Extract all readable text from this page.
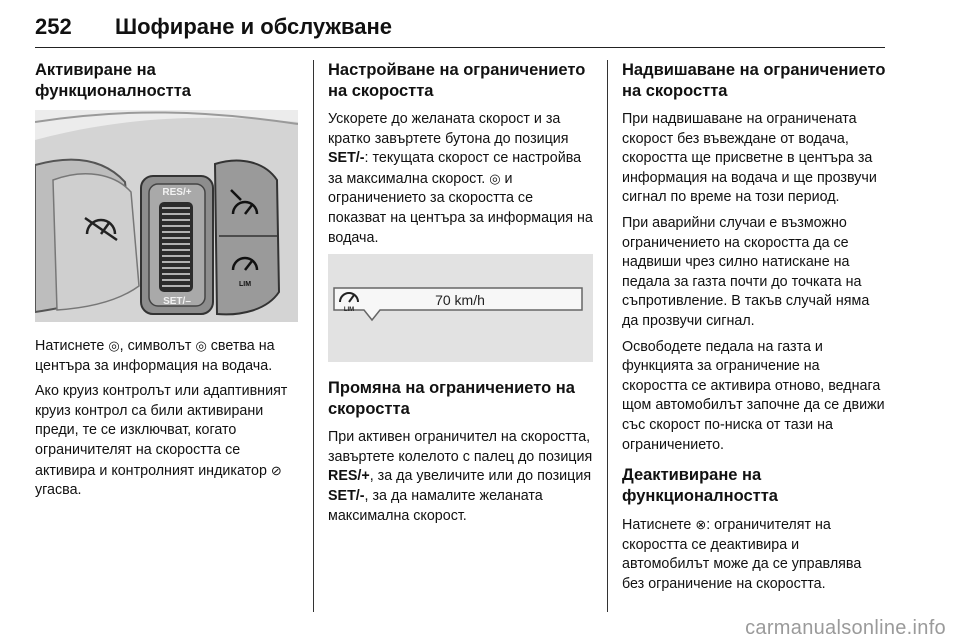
252 Шофиране и обслужване
Активиране на функционалността
RES/+
SET/–
LIM

Натиснете ◎, символът ◎ светва на центъра за информация на водача.

Ако круиз контролът или адаптивният круиз контрол са били активирани преди, те се изключват, когато ограничителят на скоростта се активира и контролният индикатор ⊘ угасва.

Настройване на ограничението на скоростта

Ускорете до желаната скорост и за кратко завъртете бутона до позиция SET/-: текущата скорост се настройва за максимална скорост. ◎ и ограничението за скоростта се показват на центъра за информация на водача.

LIM
70 km/h
Промяна на ограничението на скоростта

При активен ограничител на скоростта, завъртете колелото с палец до позиция RES/+, за да увеличите или до позиция SET/-, за да намалите желаната максимална скорост.

Надвишаване на ограничението на скоростта

При надвишаване на ограничената скорост без въвеждане от водача, скоростта ще присветне в центъра за информация на водача и ще прозвучи сигнал по време на този период.

При аварийни случаи е възможно ограничението на скоростта да се надвиши чрез силно натискане на педала за газта почти до точката на съпротивление. В такъв случай няма да прозвучи сигнал.

Освободете педала на газта и функцията за ограничение на скоростта се активира отново, веднага щом автомобилът започне да се движи със скорост по-ниска от тази на ограничението.

Деактивиране на функционалността

Натиснете ⊗: ограничителят на скоростта се деактивира и автомобилът може да се управлява без ограничение на скоростта.

carmanualsonline.info
